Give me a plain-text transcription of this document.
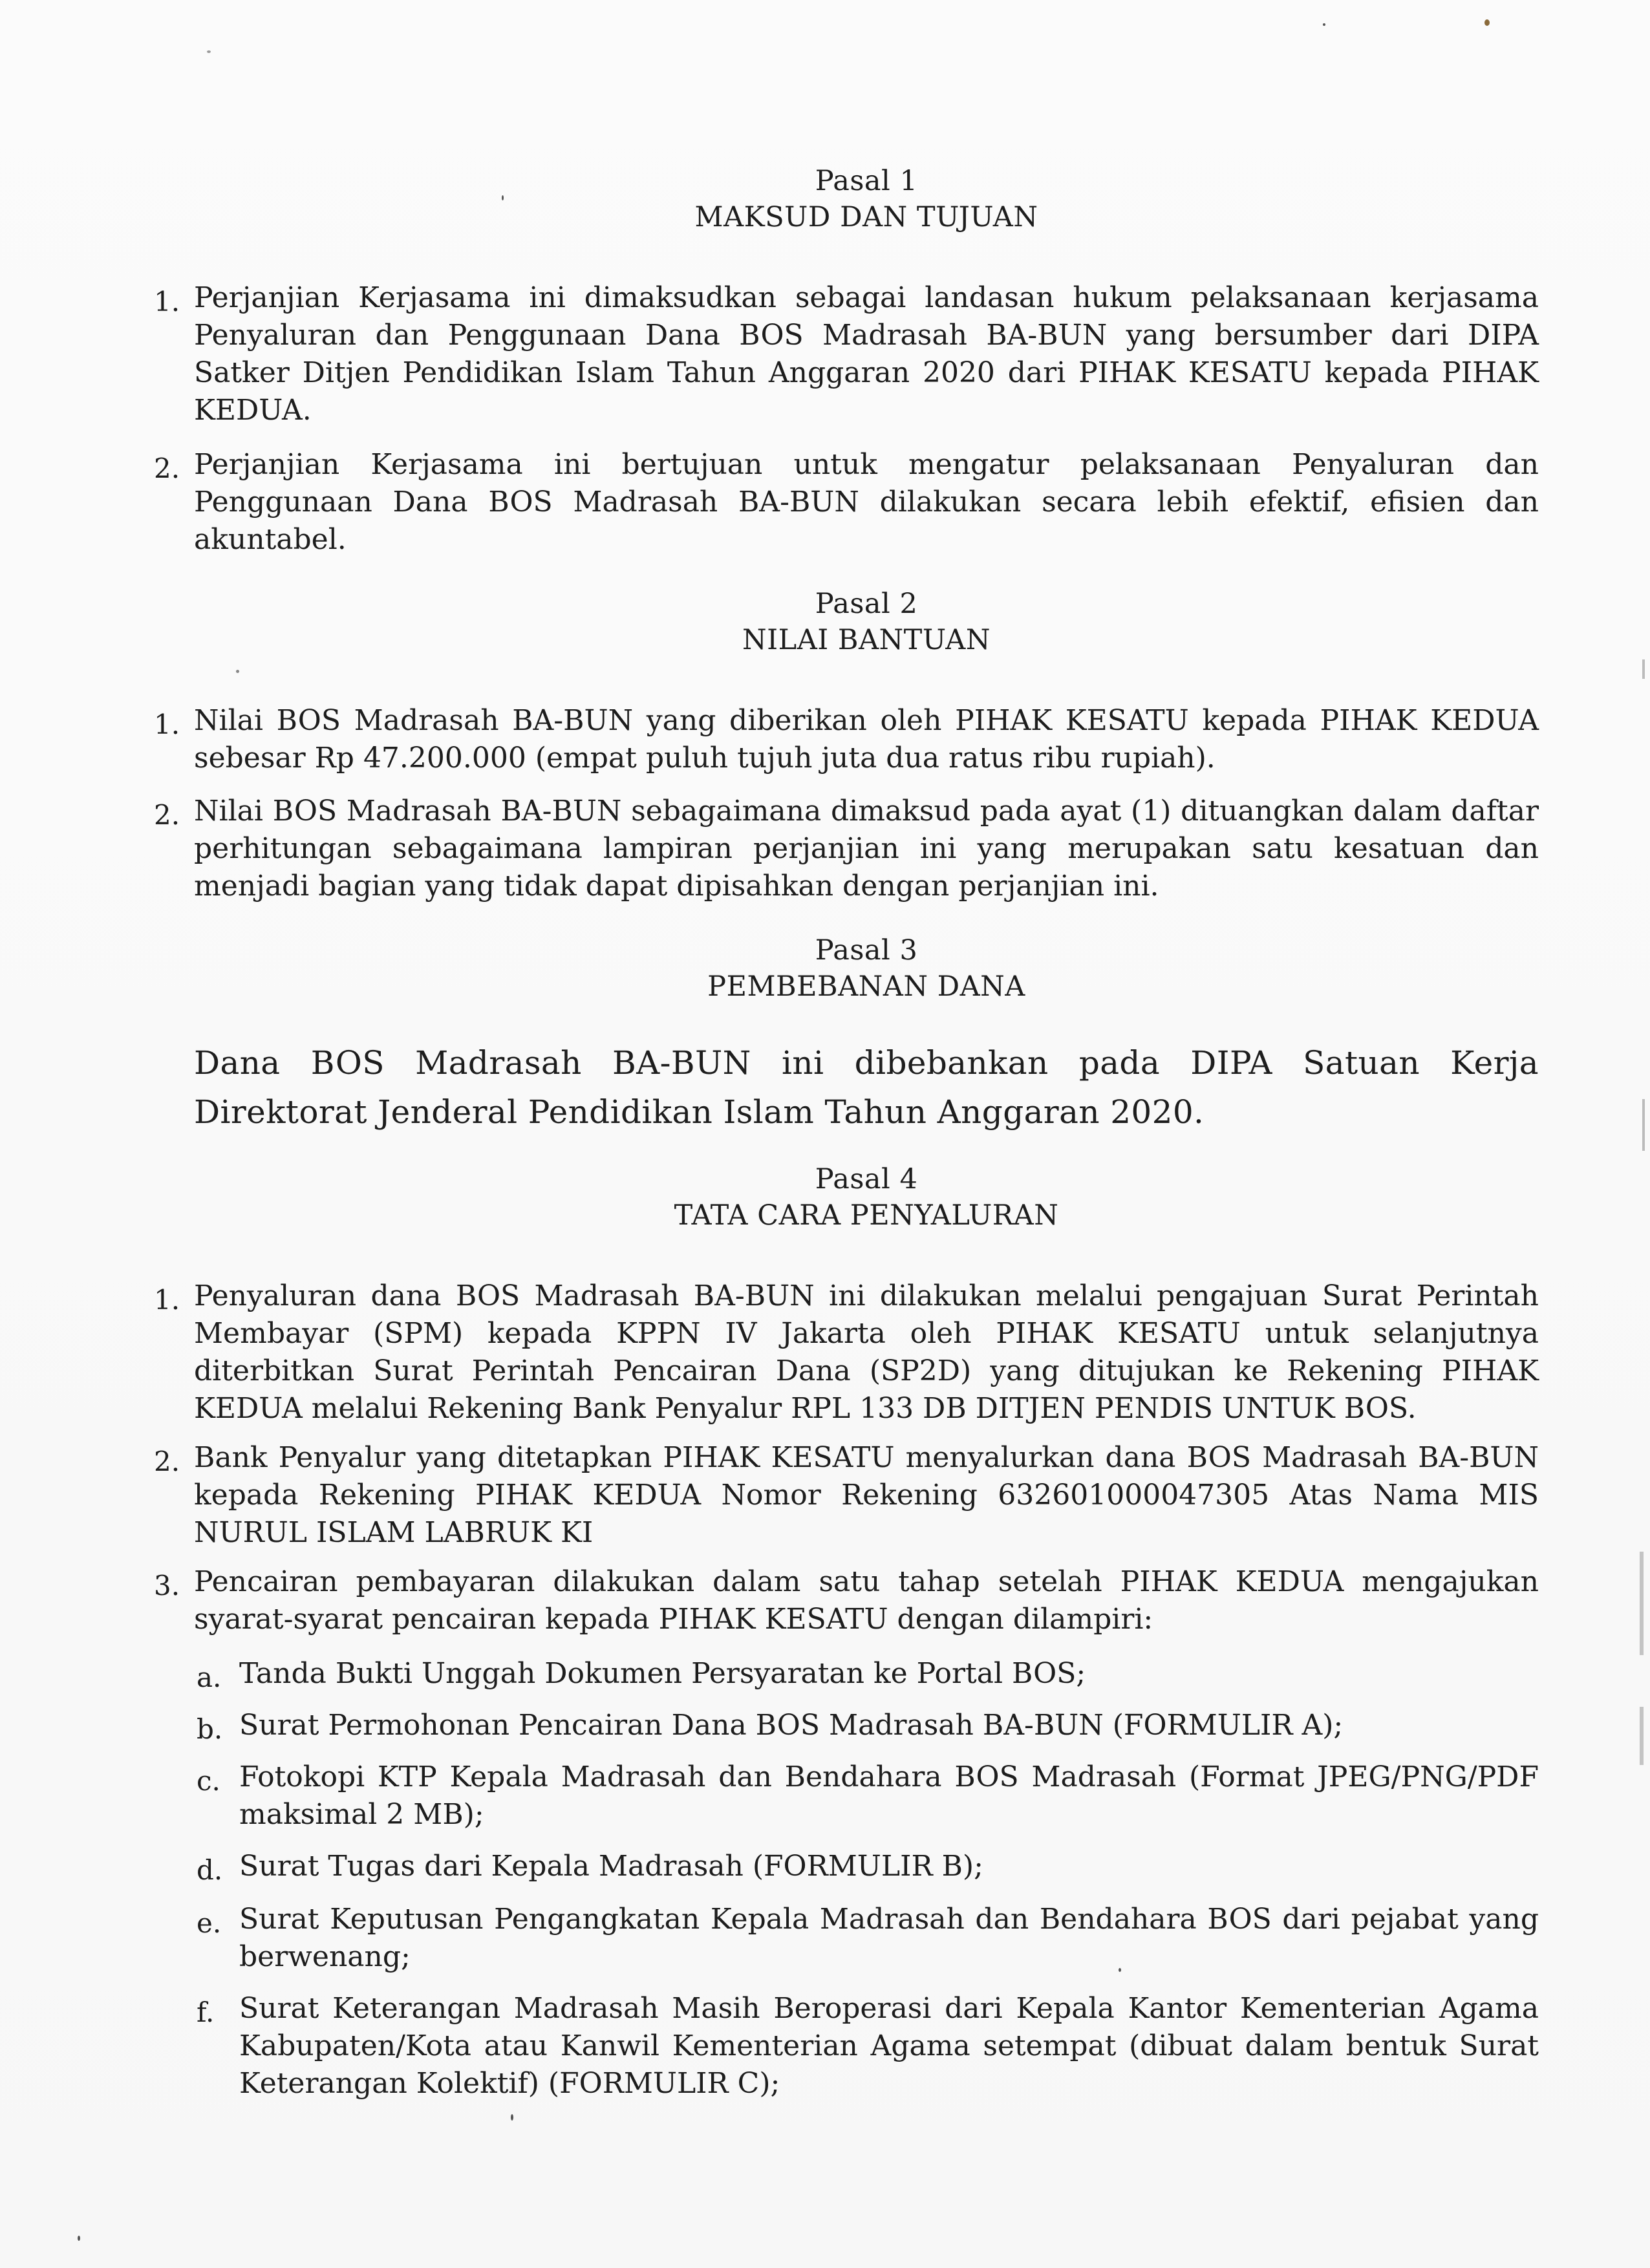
Pasal 1
MAKSUD DAN TUJUAN
1. Perjanjian Kerjasama ini dimaksudkan sebagai landasan hukum pelaksanaan kerjasama Penyaluran dan Penggunaan Dana BOS Madrasah BA-BUN yang bersumber dari DIPA Satker Ditjen Pendidikan Islam Tahun Anggaran 2020 dari PIHAK KESATU kepada PIHAK KEDUA.
2. Perjanjian Kerjasama ini bertujuan untuk mengatur pelaksanaan Penyaluran dan Penggunaan Dana BOS Madrasah BA-BUN dilakukan secara lebih efektif, efisien dan akuntabel.
Pasal 2
NILAI BANTUAN
1. Nilai BOS Madrasah BA-BUN yang diberikan oleh PIHAK KESATU kepada PIHAK KEDUA sebesar Rp 47.200.000 (empat puluh tujuh juta dua ratus ribu rupiah).
2. Nilai BOS Madrasah BA-BUN sebagaimana dimaksud pada ayat (1) dituangkan dalam daftar perhitungan sebagaimana lampiran perjanjian ini yang merupakan satu kesatuan dan menjadi bagian yang tidak dapat dipisahkan dengan perjanjian ini.
Pasal 3
PEMBEBANAN DANA
Dana BOS Madrasah BA-BUN ini dibebankan pada DIPA Satuan Kerja Direktorat Jenderal Pendidikan Islam Tahun Anggaran 2020.
Pasal 4
TATA CARA PENYALURAN
1. Penyaluran dana BOS Madrasah BA-BUN ini dilakukan melalui pengajuan Surat Perintah Membayar (SPM) kepada KPPN IV Jakarta oleh PIHAK KESATU untuk selanjutnya diterbitkan Surat Perintah Pencairan Dana (SP2D) yang ditujukan ke Rekening PIHAK KEDUA melalui Rekening Bank Penyalur RPL 133 DB DITJEN PENDIS UNTUK BOS.
2. Bank Penyalur yang ditetapkan PIHAK KESATU menyalurkan dana BOS Madrasah BA-BUN kepada Rekening PIHAK KEDUA Nomor Rekening 632601000047305 Atas Nama MIS NURUL ISLAM LABRUK KI
3. Pencairan pembayaran dilakukan dalam satu tahap setelah PIHAK KEDUA mengajukan syarat-syarat pencairan kepada PIHAK KESATU dengan dilampiri:
a. Tanda Bukti Unggah Dokumen Persyaratan ke Portal BOS;
b. Surat Permohonan Pencairan Dana BOS Madrasah BA-BUN (FORMULIR A);
c. Fotokopi KTP Kepala Madrasah dan Bendahara BOS Madrasah (Format JPEG/PNG/PDF maksimal 2 MB);
d. Surat Tugas dari Kepala Madrasah (FORMULIR B);
e. Surat Keputusan Pengangkatan Kepala Madrasah dan Bendahara BOS dari pejabat yang berwenang;
f. Surat Keterangan Madrasah Masih Beroperasi dari Kepala Kantor Kementerian Agama Kabupaten/Kota atau Kanwil Kementerian Agama setempat (dibuat dalam bentuk Surat Keterangan Kolektif) (FORMULIR C);
